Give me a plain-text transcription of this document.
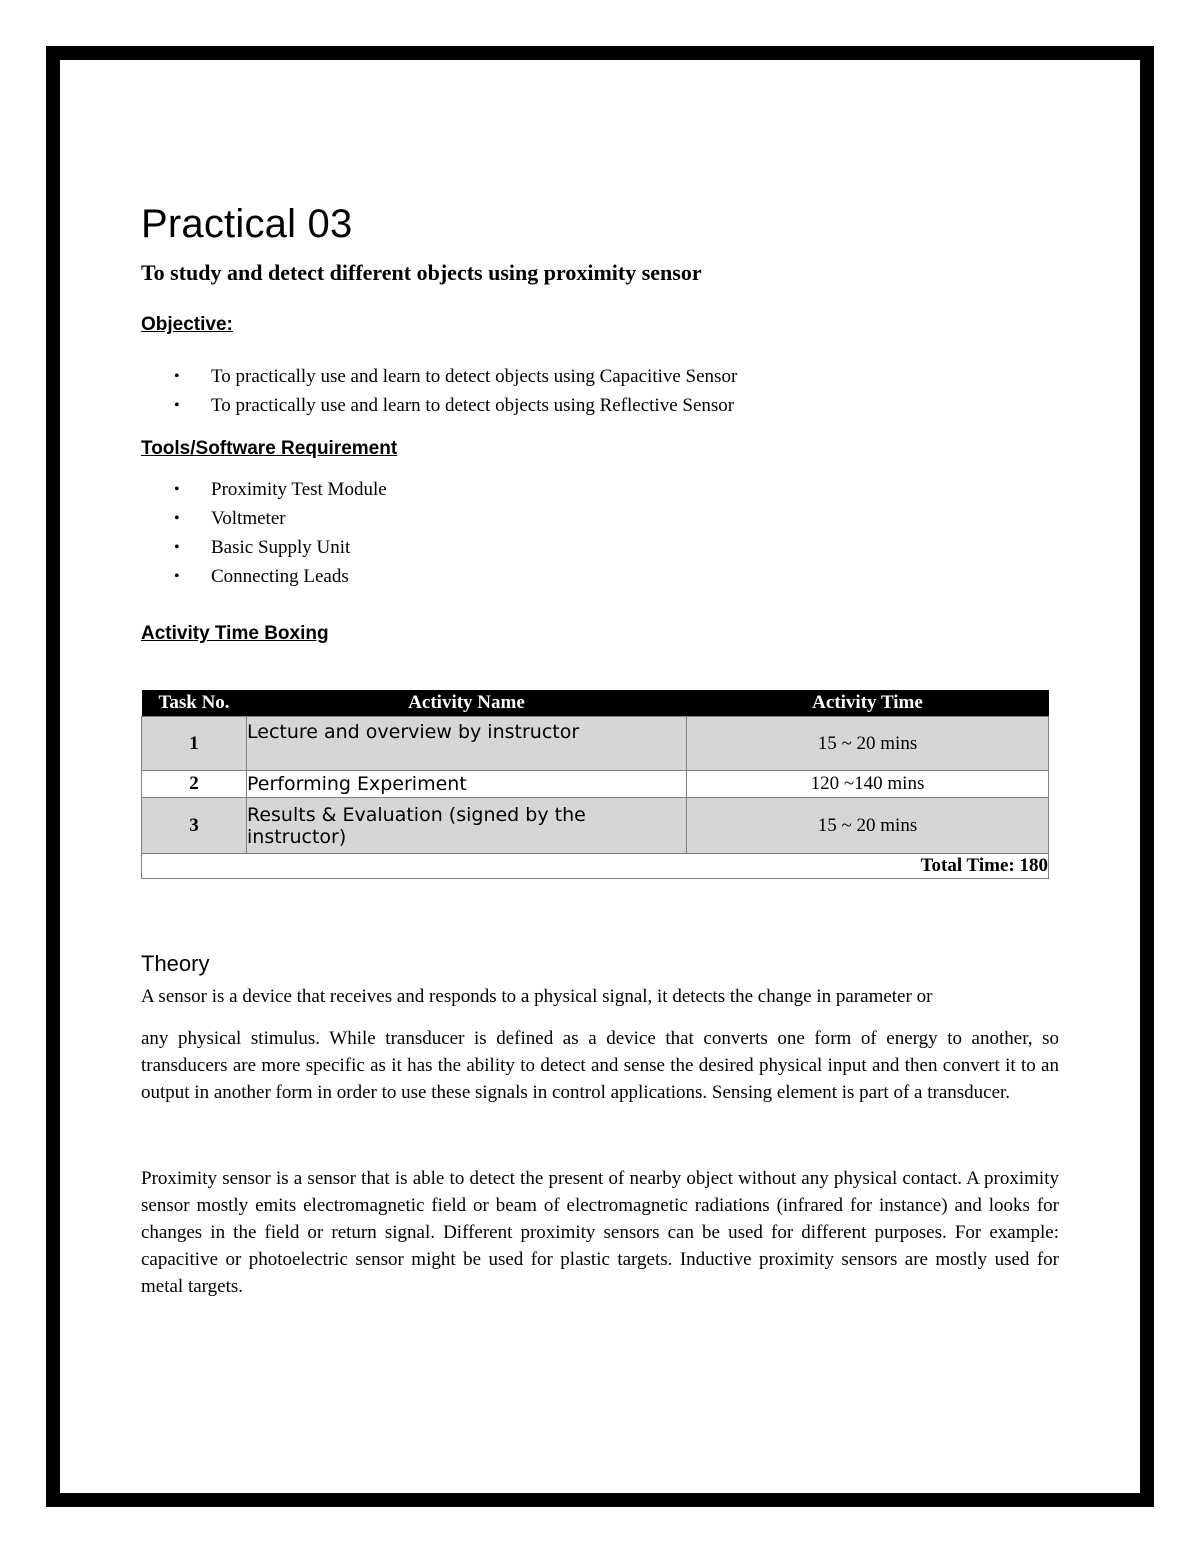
Practical 03
To study and detect different objects using proximity sensor
Objective:
• To practically use and learn to detect objects using Capacitive Sensor
• To practically use and learn to detect objects using Reflective Sensor
Tools/Software Requirement
• Proximity Test Module
• Voltmeter
• Basic Supply Unit
• Connecting Leads
Activity Time Boxing
Task No.	Activity Name	Activity Time
1	Lecture and overview by instructor	15 ~ 20 mins
2	Performing Experiment	120 ~140 mins
3	Results & Evaluation (signed by the instructor)	15 ~ 20 mins
Total Time: 180		
Theory

A sensor is a device that receives and responds to a physical signal, it detects the change in parameter or

any physical stimulus. While transducer is defined as a device that converts one form of energy to another, so transducers are more specific as it has the ability to detect and sense the desired physical input and then convert it to an output in another form in order to use these signals in control applications. Sensing element is part of a transducer.

Proximity sensor is a sensor that is able to detect the present of nearby object without any physical contact. A proximity sensor mostly emits electromagnetic field or beam of electromagnetic radiations (infrared for instance) and looks for changes in the field or return signal. Different proximity sensors can be used for different purposes. For example: capacitive or photoelectric sensor might be used for plastic targets. Inductive proximity sensors are mostly used for metal targets.
